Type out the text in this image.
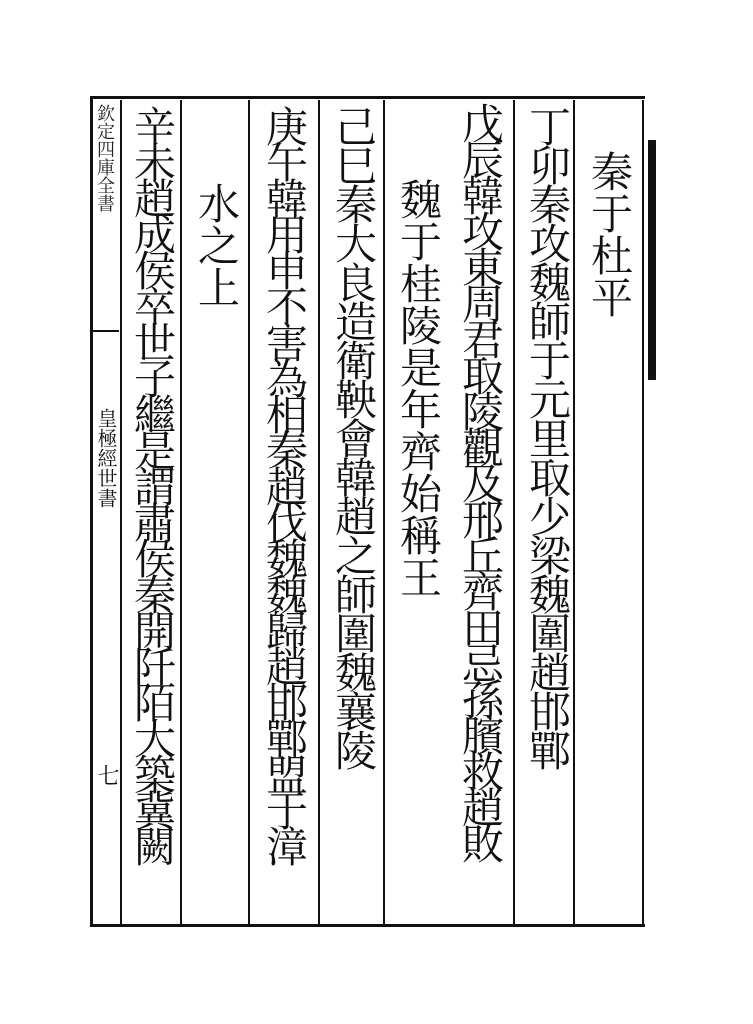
欽定四庫全書
皇極經世書
七
秦于杜平
丁卯秦攻魏師于元里取少梁魏圍趙邯鄲
戊辰韓攻東周君取陵觀及邢丘齊田忌孫臏救趙敗
魏于桂陵是年齊始稱王
己巳秦大良造衛鞅會韓趙之師圍魏襄陵
庚午韓用申不害為相秦趙伐魏魏歸趙邯鄲盟于漳
水之上
辛未趙成侯卒世子繼是謂肅侯秦開阡陌大築冀闕
